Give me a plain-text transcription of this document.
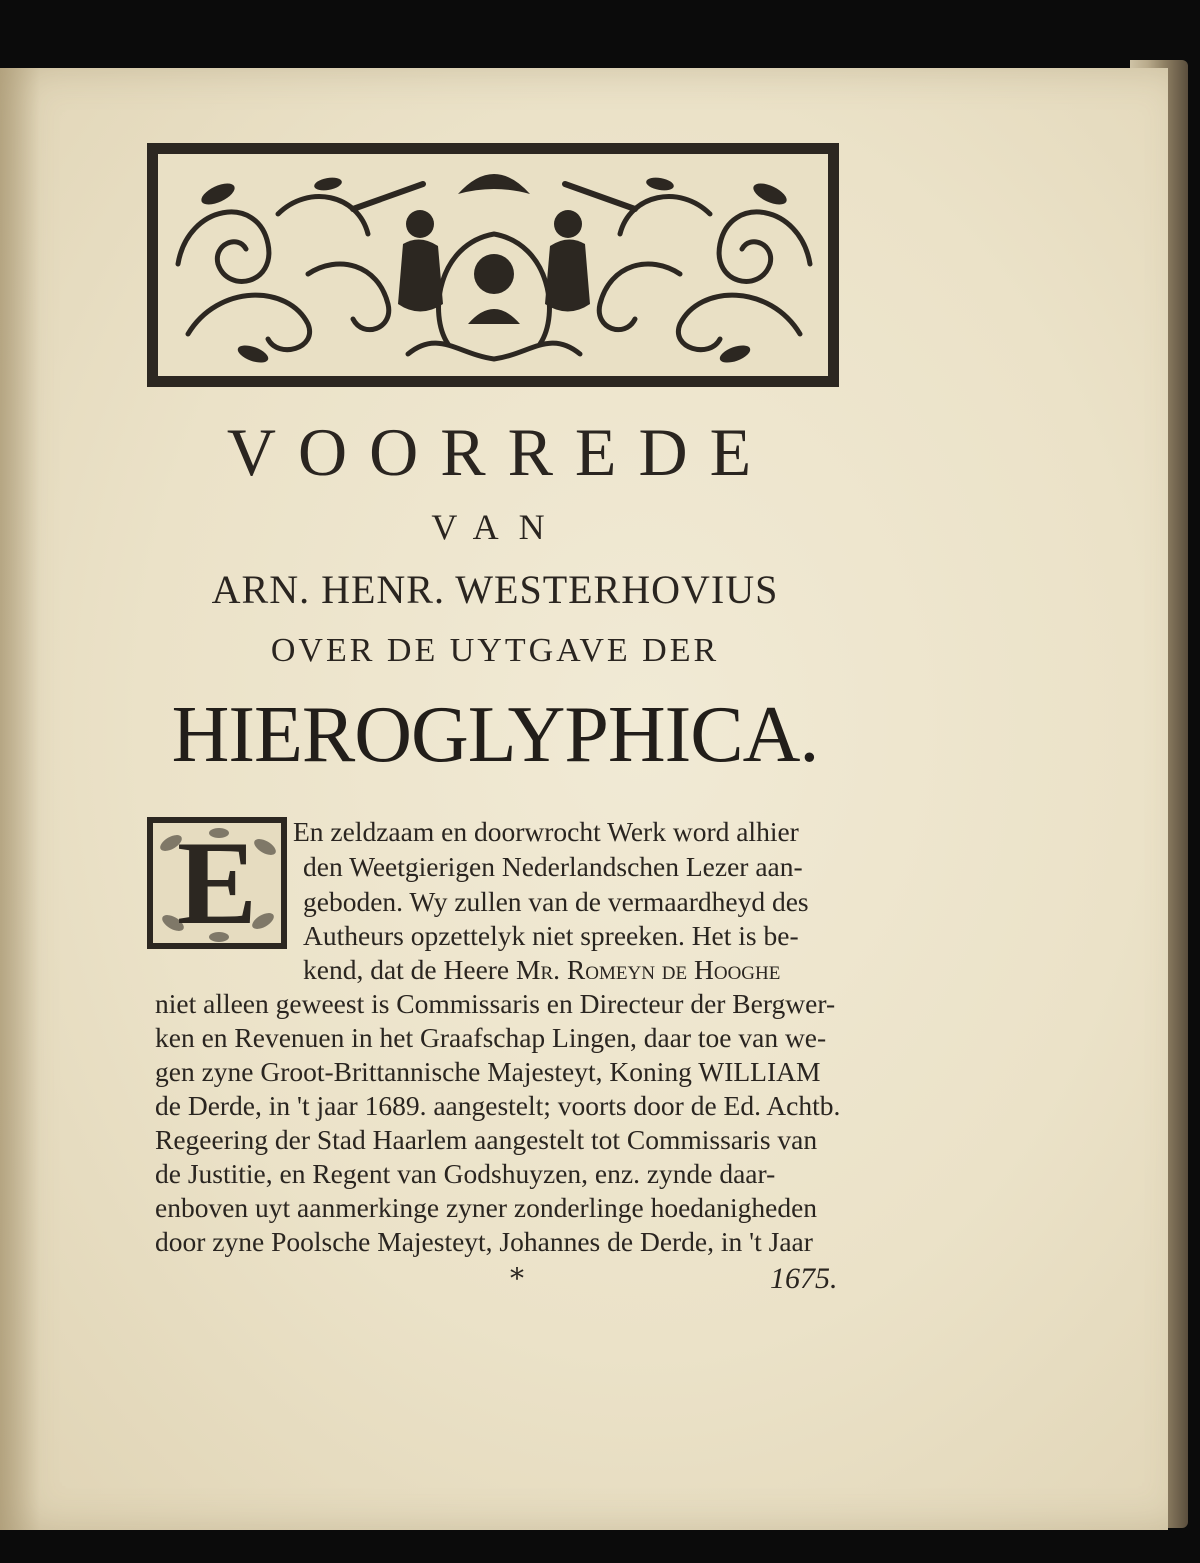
VOORREDE
VAN
ARN. HENR. WESTERHOVIUS
OVER DE UYTGAVE DER
HIEROGLYPHICA.
E	En zeldzaam en doorwrocht Werk word alhier
den Weetgierigen Nederlandschen Lezer aan-
geboden. Wy zullen van de vermaardheyd des
Autheurs opzettelyk niet spreeken. Het is be-
kend, dat de Heere Mr. Romeyn de Hooghe
niet alleen geweest is Commissaris en Directeur der Bergwer-
ken en Revenuen in het Graafschap Lingen, daar toe van we-
gen zyne Groot-Brittannische Majesteyt, Koning WILLIAM
de Derde, in 't jaar 1689. aangestelt; voorts door de Ed. Achtb.
Regeering der Stad Haarlem aangestelt tot Commissaris van
de Justitie, en Regent van Godshuyzen, enz. zynde daar-
enboven uyt aanmerkinge zyner zonderlinge hoedanigheden
door zyne Poolsche Majesteyt, Johannes de Derde, in 't Jaar
*	1675.
